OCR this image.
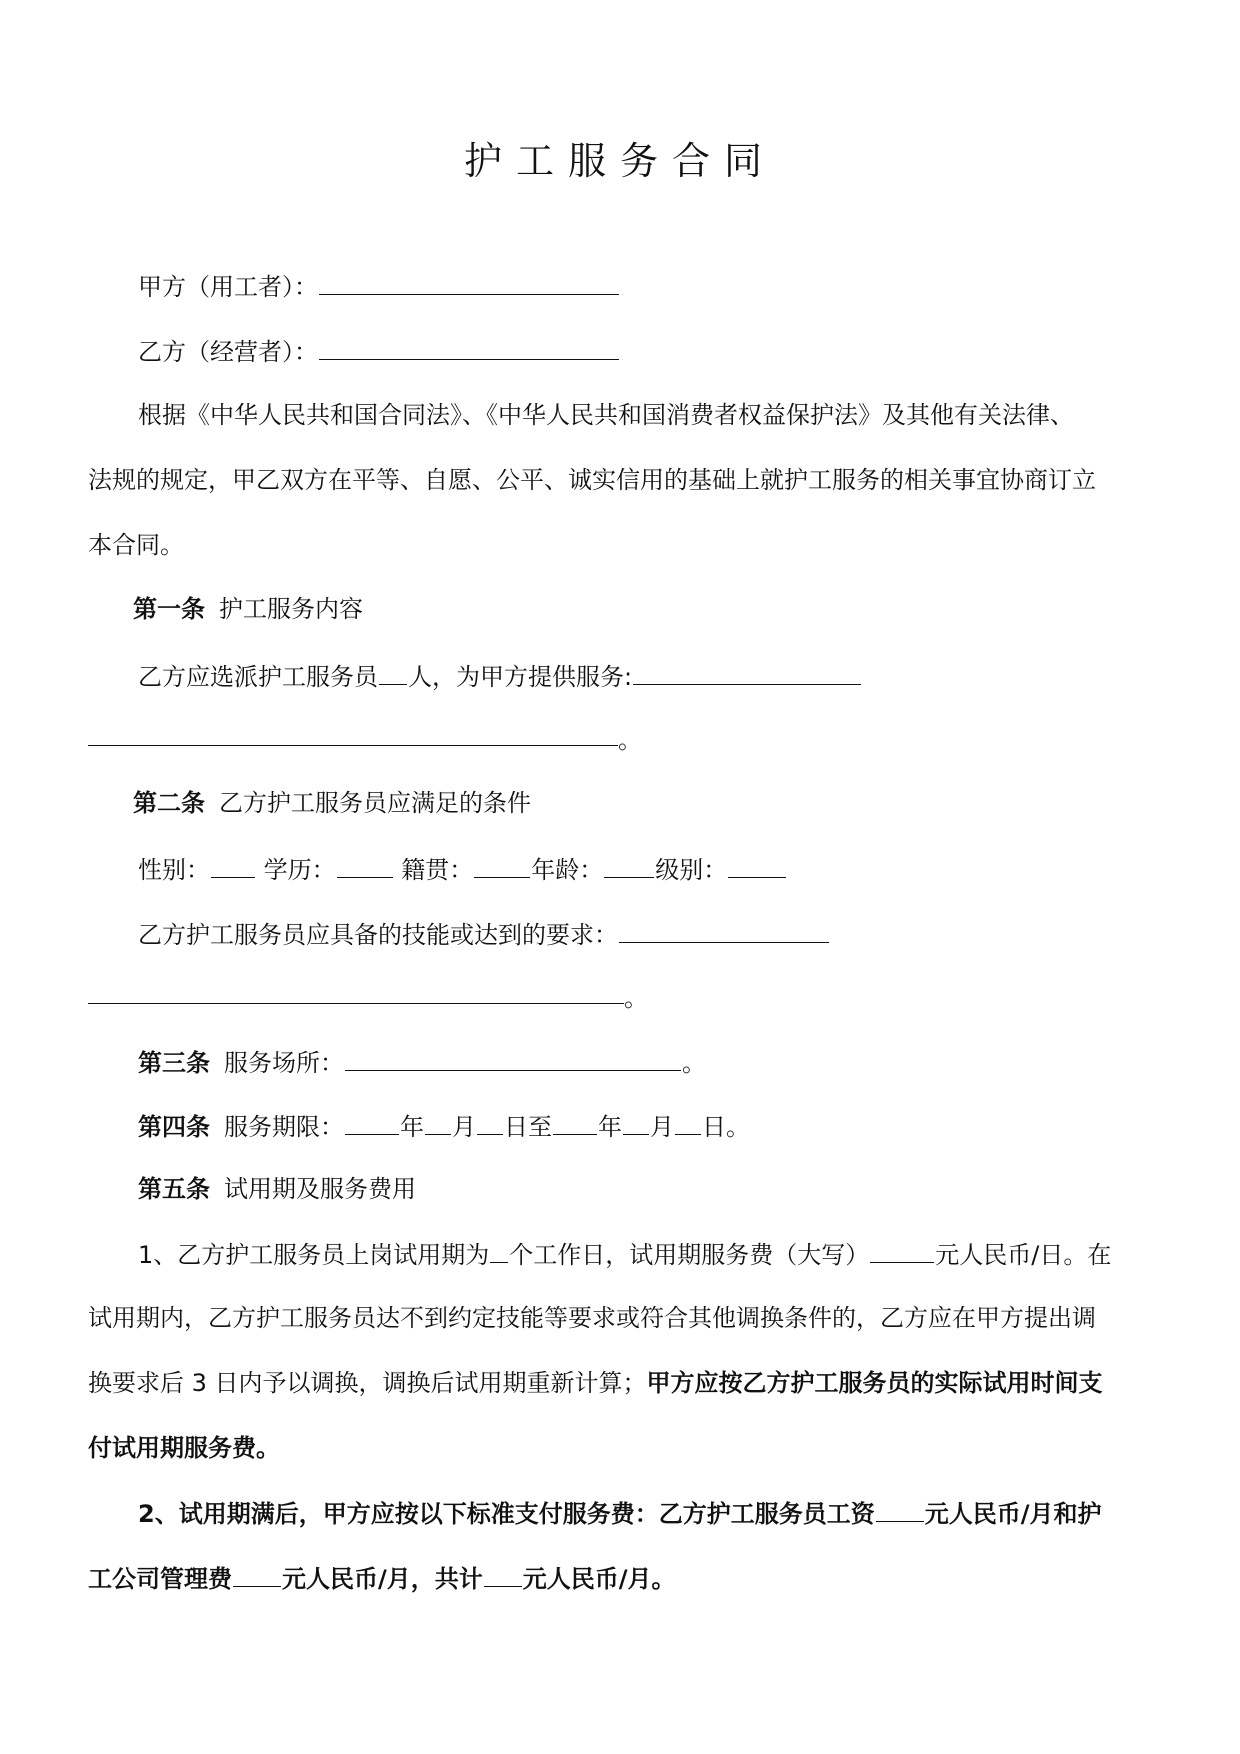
护工服务合同
甲方（用工者）：
乙方（经营者）：
根据《中华人民共和国合同法》、《中华人民共和国消费者权益保护法》及其他有关法律、
法规的规定，甲乙双方在平等、自愿、公平、诚实信用的基础上就护工服务的相关事宜协商订立
本合同。
第一条 护工服务内容
乙方应选派护工服务员 人，为甲方提供服务:
。
第二条 乙方护工服务员应满足的条件
性别： 学历：	籍贯： 年龄： 级别：
乙方护工服务员应具备的技能或达到的要求：
。
第三条 服务场所：	。
第四条 服务期限： 年 月 日至 年 月 日。
第五条 试用期及服务费用
1、乙方护工服务员上岗试用期为 个工作日，试用期服务费（大写）	元人民币/日。在
试用期内，乙方护工服务员达不到约定技能等要求或符合其他调换条件的，乙方应在甲方提出调
换要求后 3 日内予以调换，调换后试用期重新计算；甲方应按乙方护工服务员的实际试用时间支
付试用期服务费。
2、试用期满后，甲方应按以下标准支付服务费：乙方护工服务员工资 元人民币/月和护
工公司管理费 元人民币/月，共计 元人民币/月。
